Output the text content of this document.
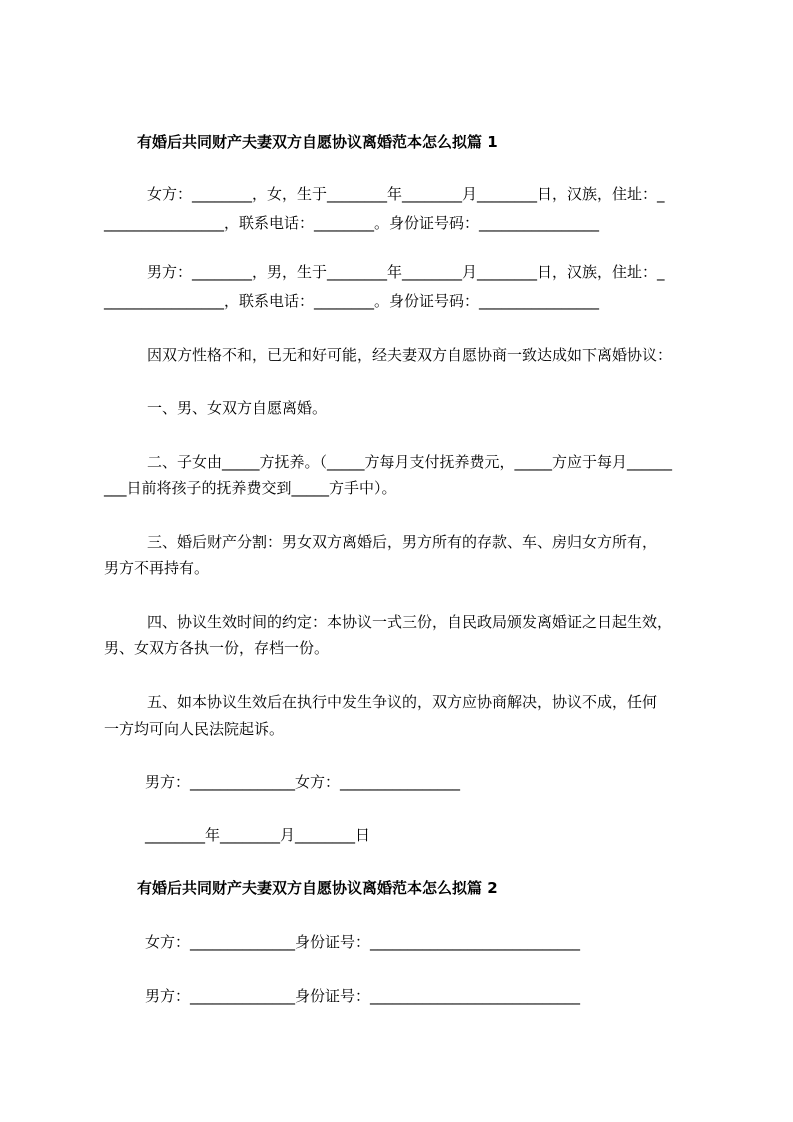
有婚后共同财产夫妻双方自愿协议离婚范本怎么拟篇 1
女方：________，女，生于________年________月________日，汉族，住址：_
________________，联系电话：________。身份证号码：________________
男方：________，男，生于________年________月________日，汉族，住址：_
________________，联系电话：________。身份证号码：________________
因双方性格不和，已无和好可能，经夫妻双方自愿协商一致达成如下离婚协议：
一、男、女双方自愿离婚。
二、子女由_____方抚养。（_____方每月支付抚养费元，_____方应于每月______
___日前将孩子的抚养费交到_____方手中）。
三、婚后财产分割：男女双方离婚后，男方所有的存款、车、房归女方所有，
男方不再持有。
四、协议生效时间的约定：本协议一式三份，自民政局颁发离婚证之日起生效，
男、女双方各执一份，存档一份。
五、如本协议生效后在执行中发生争议的，双方应协商解决，协议不成，任何
一方均可向人民法院起诉。
男方：______________女方：________________
________年________月________日
有婚后共同财产夫妻双方自愿协议离婚范本怎么拟篇 2
女方：______________身份证号：____________________________
男方：______________身份证号：____________________________
